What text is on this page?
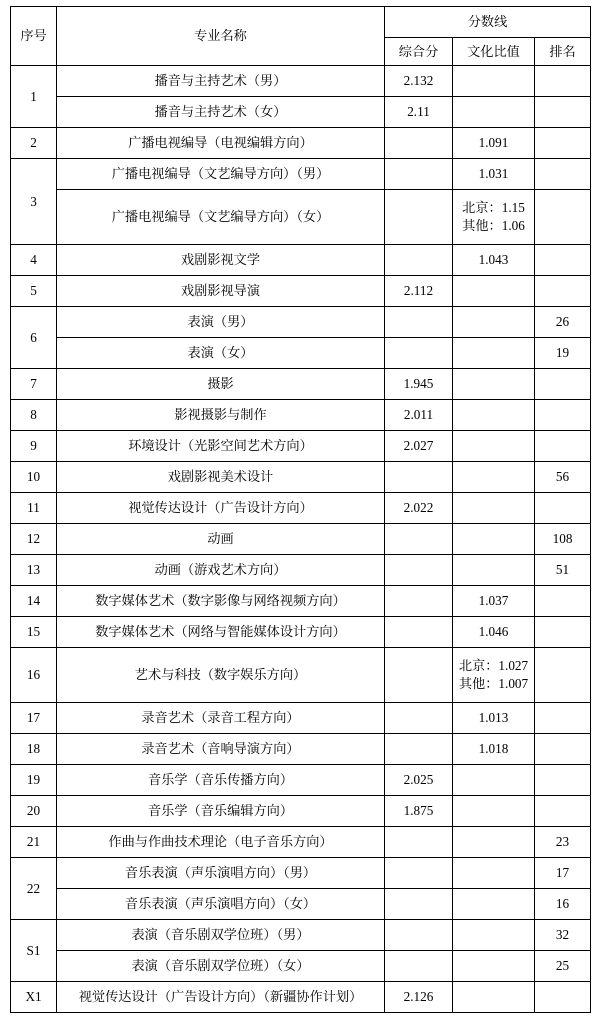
序号	专业名称	分数线		
		综合分	文化比值	排名
1	播音与主持艺术（男）	2.132		
	播音与主持艺术（女）	2.11		
2	广播电视编导（电视编辑方向）		1.091	
3	广播电视编导（文艺编导方向）（男）		1.031	
	广播电视编导（文艺编导方向）（女）		北京：1.15
其他：1.06	
4	戏剧影视文学		1.043	
5	戏剧影视导演	2.112		
6	表演（男）			26
	表演（女）			19
7	摄影	1.945		
8	影视摄影与制作	2.011		
9	环境设计（光影空间艺术方向）	2.027		
10	戏剧影视美术设计			56
11	视觉传达设计（广告设计方向）	2.022		
12	动画			108
13	动画（游戏艺术方向）			51
14	数字媒体艺术（数字影像与网络视频方向）		1.037	
15	数字媒体艺术（网络与智能媒体设计方向）		1.046	
16	艺术与科技（数字娱乐方向）		北京：1.027
其他：1.007	
17	录音艺术（录音工程方向）		1.013	
18	录音艺术（音响导演方向）		1.018	
19	音乐学（音乐传播方向）	2.025		
20	音乐学（音乐编辑方向）	1.875		
21	作曲与作曲技术理论（电子音乐方向）			23
22	音乐表演（声乐演唱方向）（男）			17
	音乐表演（声乐演唱方向）（女）			16
S1	表演（音乐剧双学位班）（男）			32
	表演（音乐剧双学位班）（女）			25
X1	视觉传达设计（广告设计方向）（新疆协作计划）	2.126		
